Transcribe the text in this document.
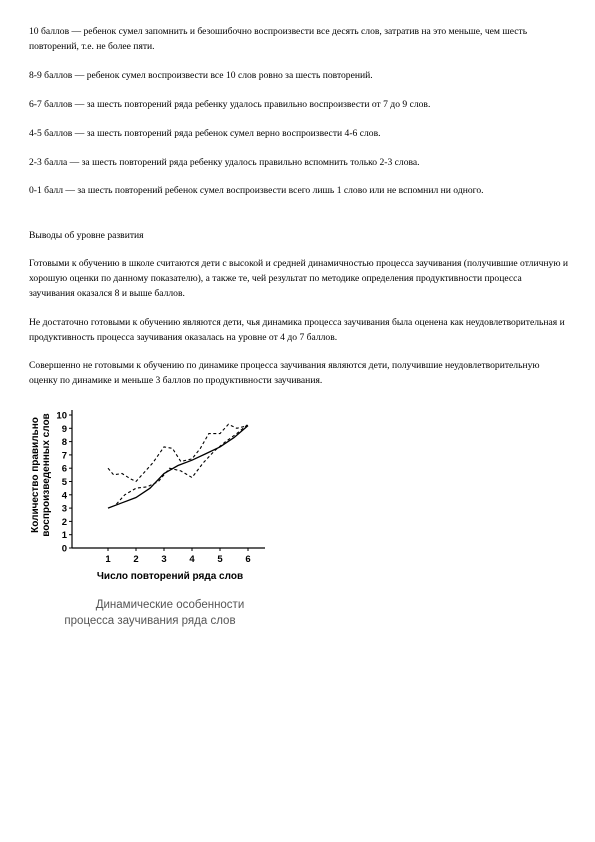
10 баллов — ребенок сумел запомнить и безошибочно воспроизвести все десять слов, затратив на это меньше, чем шесть повторений, т.е. не более пяти.

8-9 баллов — ребенок сумел воспроизвести все 10 слов ровно за шесть повторений.

6-7 баллов — за шесть повторений ряда ребенку удалось правильно воспроизвести от 7 до 9 слов.

4-5 баллов — за шесть повторений ряда ребенок сумел верно воспроизвести 4-6 слов.

2-3 балла — за шесть повторений ряда ребенку удалось правильно вспомнить только 2-3 слова.

0-1 балл — за шесть повторений ребенок сумел воспроизвести всего лишь 1 слово или не вспомнил ни одного.

Выводы об уровне развития

Готовыми к обучению в школе считаются дети с высокой и средней динамичностью процесса заучивания (получившие отличную и хорошую оценки по данному показателю), а также те, чей результат по методике определения продуктивности процесса заучивания оказался 8 и выше баллов.

Не достаточно готовыми к обучению являются дети, чья динамика процесса заучивания была оценена как неудовлетворительная и продуктивность процесса заучивания оказалась на уровне от 4 до 7 баллов.

Совершенно не готовыми к обучению по динамике процесса заучивания являются дети, получившие неудовлетворительную оценку по динамике и меньше 3 баллов по продуктивности заучивания.

0
1
2
3
4
5
6
7
8
9
10
1 2 3 4 5 6
Количество правильно воспроизведенных слов
Число повторений ряда слов
Динамические особенности
процесса заучивания ряда слов
